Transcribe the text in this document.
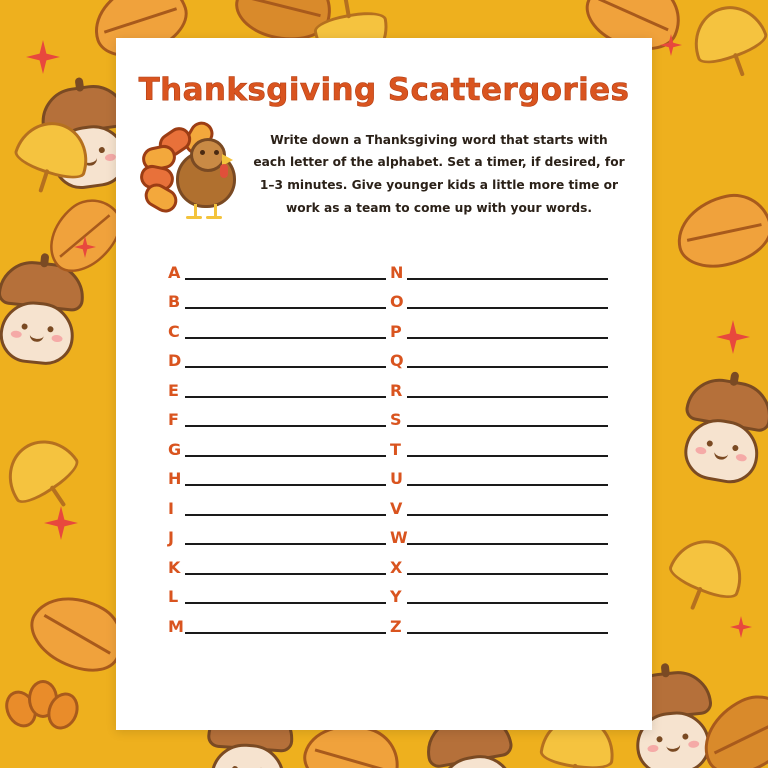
Thanksgiving Scattergories

Write down a Thanksgiving word that starts with each letter of the alphabet. Set a timer, if desired, for 1–3 minutes. Give younger kids a little more time or work as a team to come up with your words.

A
B
C
D
E
F
G
H
I
J
K
L
M
N
O
P
Q
R
S
T
U
V
W
X
Y
Z
